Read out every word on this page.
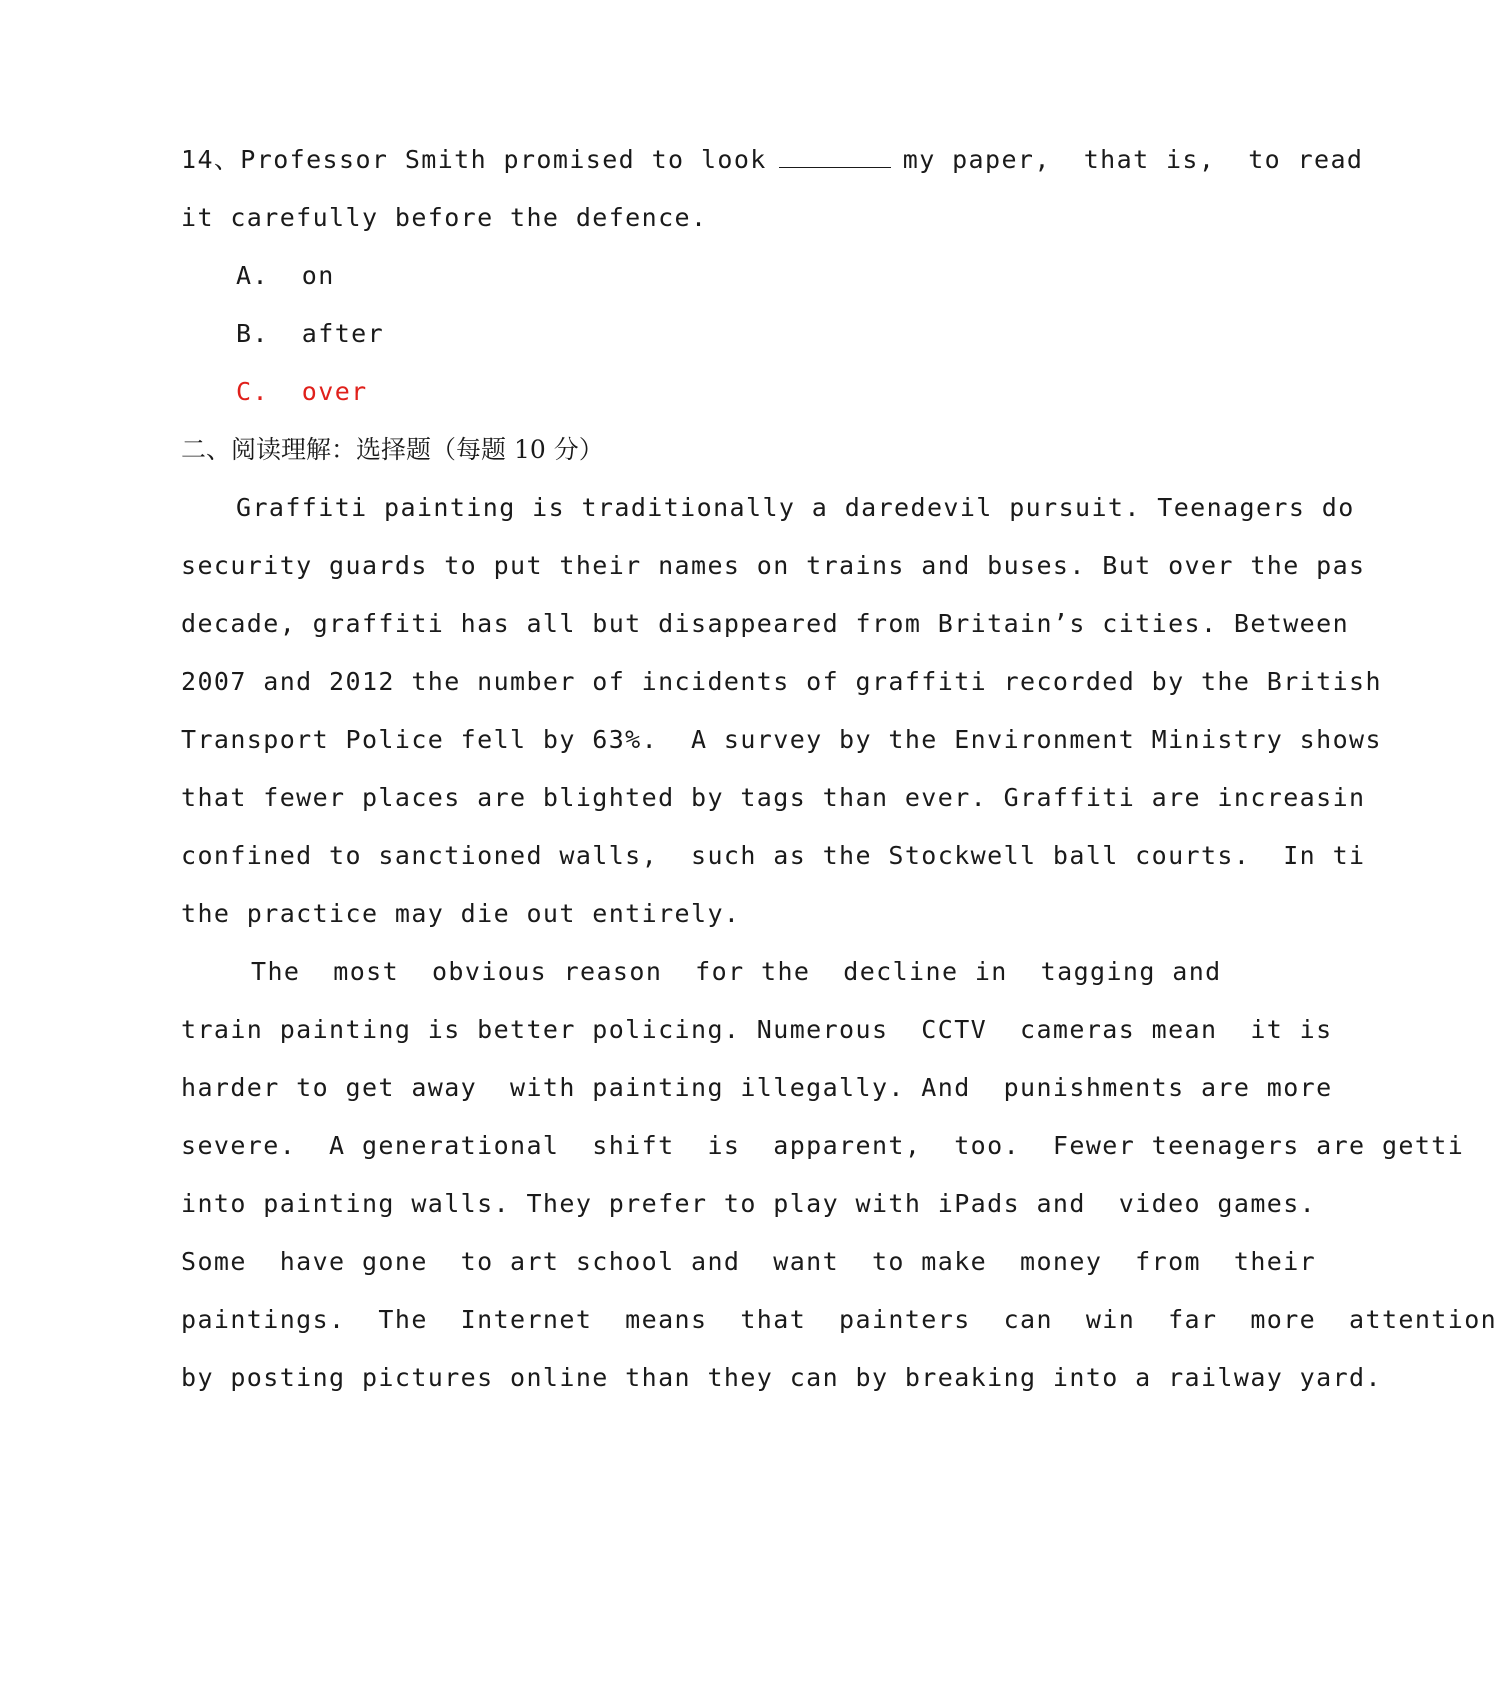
14、Professor Smith promised to look	my paper,  that is,  to read
it carefully before the defence.
A.  on
B.  after
C.  over
二、阅读理解：选择题（每题 10 分）
Graffiti painting is traditionally a daredevil pursuit. Teenagers do
security guards to put their names on trains and buses. But over the pas
decade, graffiti has all but disappeared from Britain’s cities. Between
2007 and 2012 the number of incidents of graffiti recorded by the British
Transport Police fell by 63%.  A survey by the Environment Ministry shows
that fewer places are blighted by tags than ever. Graffiti are increasin
confined to sanctioned walls,  such as the Stockwell ball courts.  In ti
the practice may die out entirely.
The  most  obvious reason  for the  decline in  tagging and
train painting is better policing. Numerous  CCTV  cameras mean  it is
harder to get away  with painting illegally. And  punishments are more
severe.  A generational  shift  is  apparent,  too.  Fewer teenagers are getti
into painting walls. They prefer to play with iPads and  video games.
Some  have gone  to art school and  want  to make  money  from  their
paintings.  The  Internet  means  that  painters  can  win  far  more  attention
by posting pictures online than they can by breaking into a railway yard.
